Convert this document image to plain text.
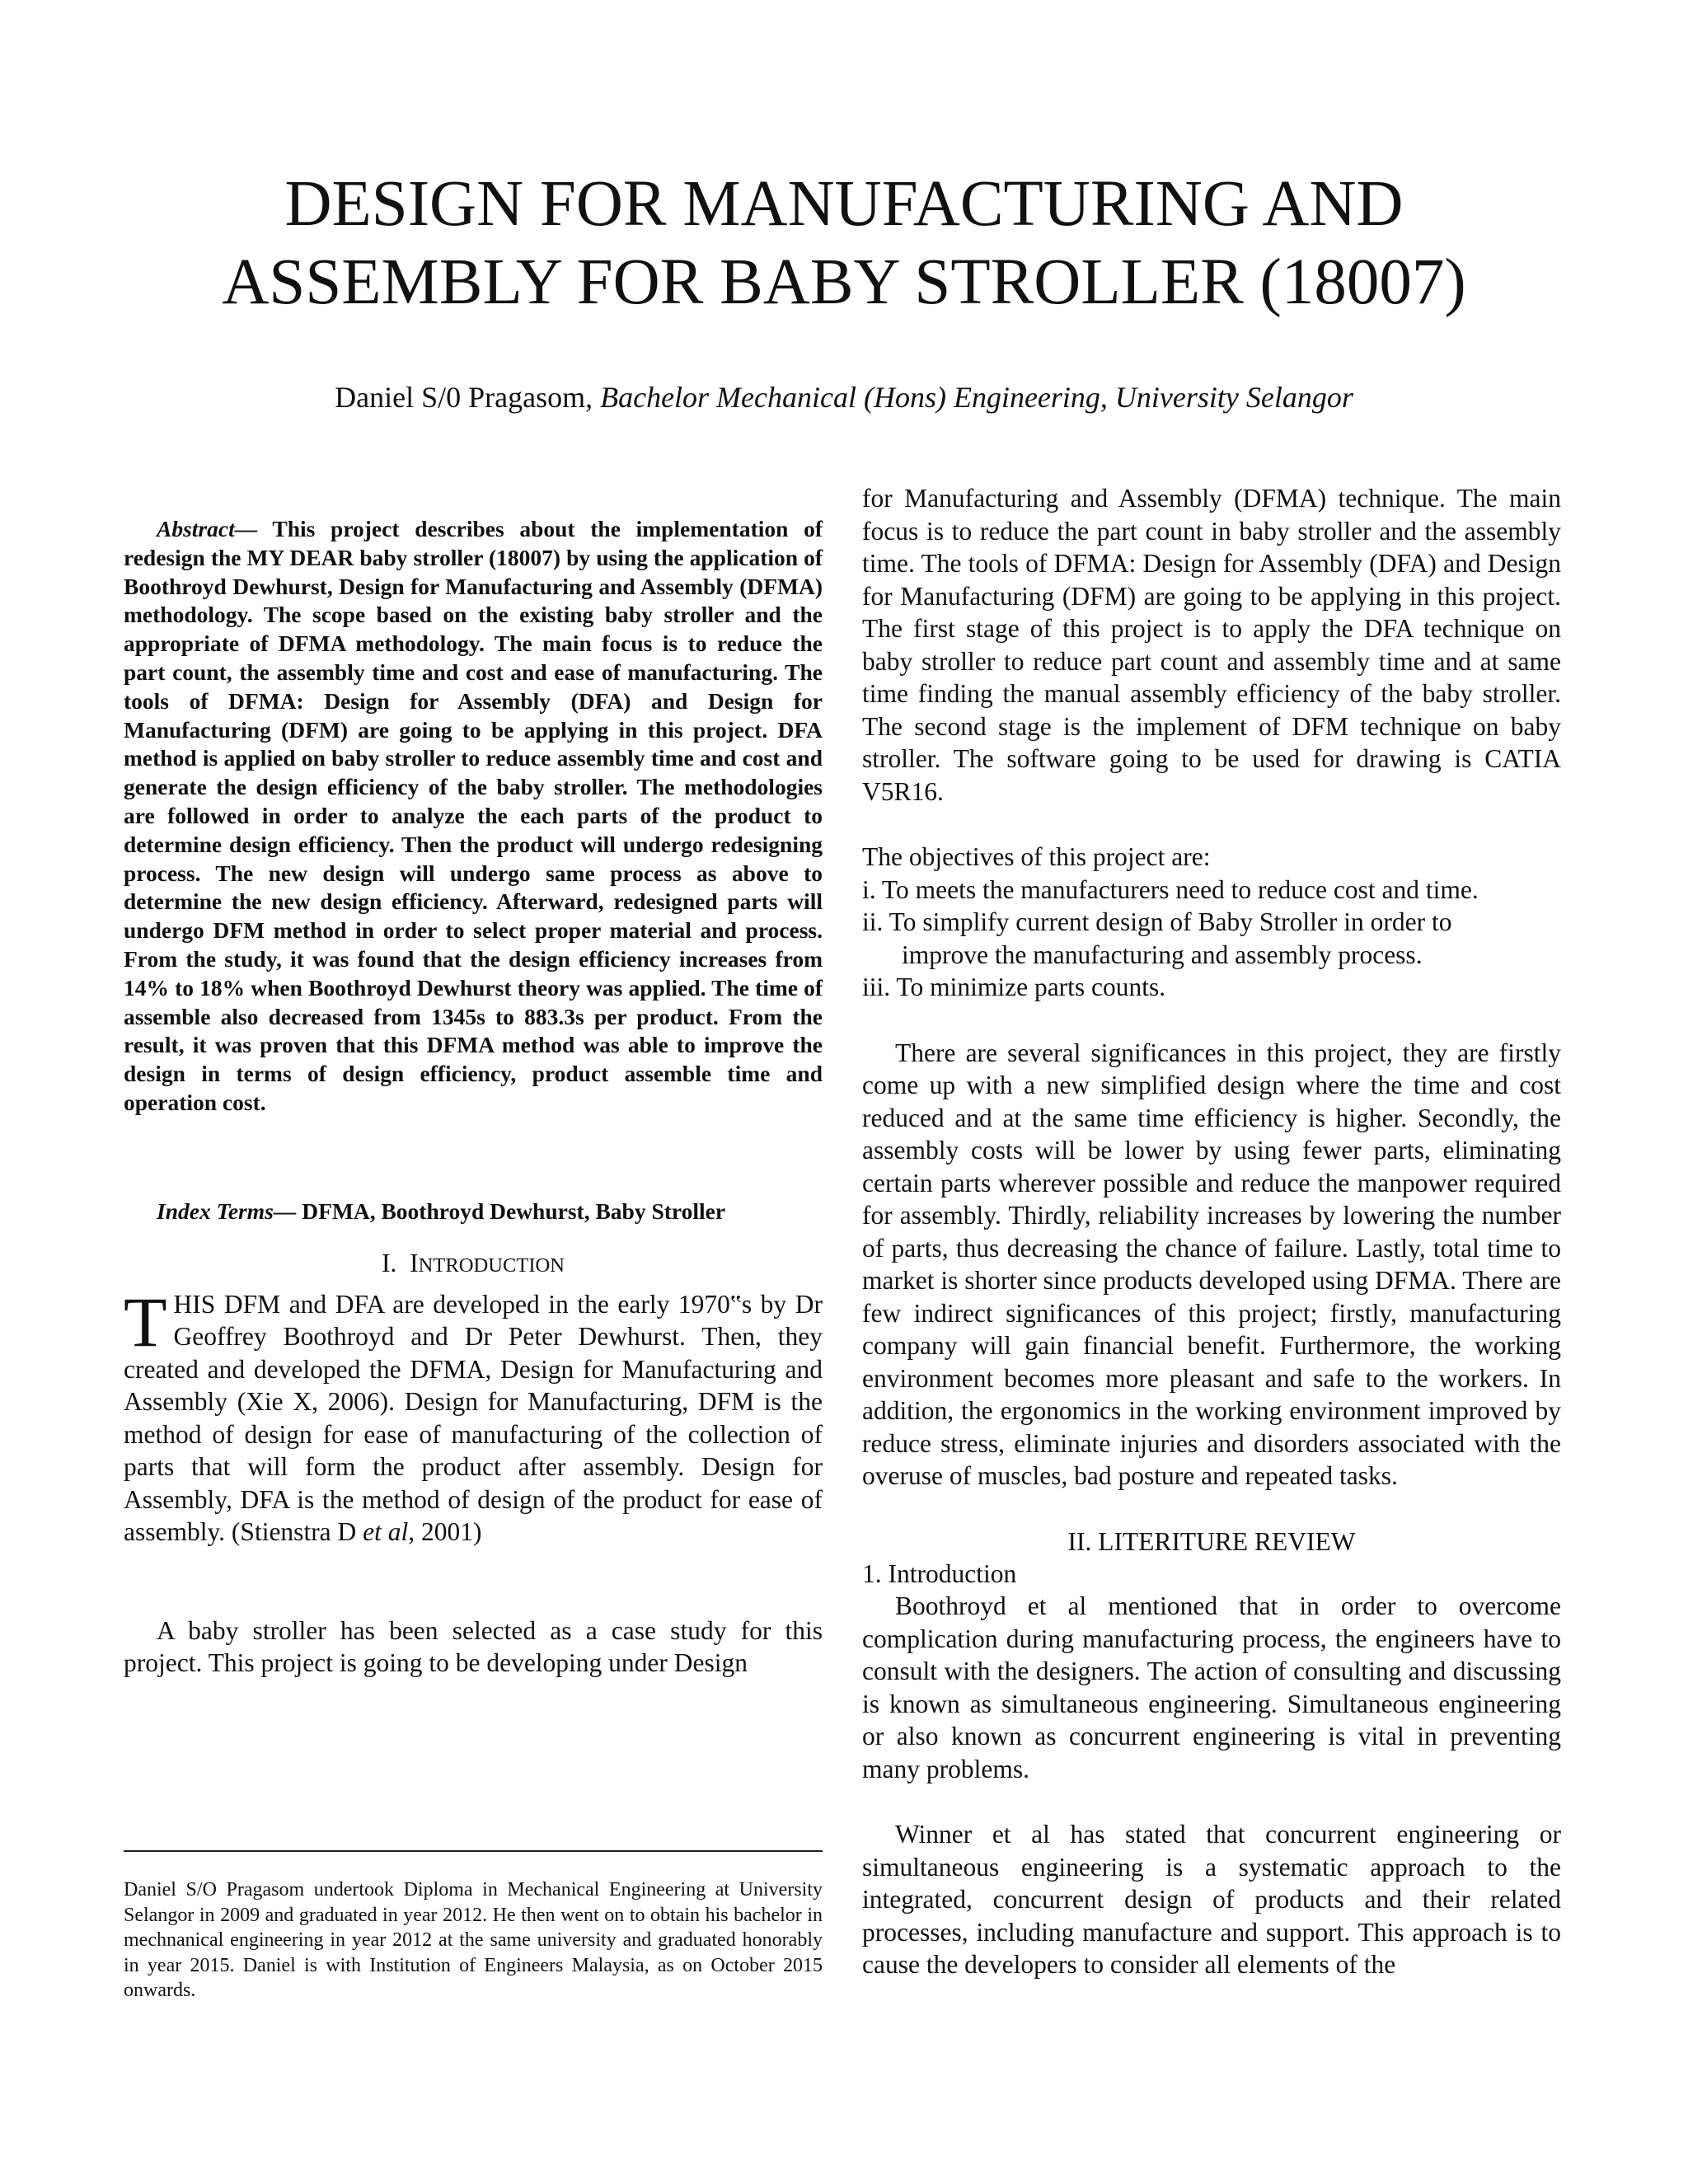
DESIGN FOR MANUFACTURING AND
ASSEMBLY FOR BABY STROLLER (18007)
Daniel S/0 Pragasom, Bachelor Mechanical (Hons) Engineering, University Selangor

Abstract— This project describes about the implementation of redesign the MY DEAR baby stroller (18007) by using the application of Boothroyd Dewhurst, Design for Manufacturing and Assembly (DFMA) methodology. The scope based on the existing baby stroller and the appropriate of DFMA methodology. The main focus is to reduce the part count, the assembly time and cost and ease of manufacturing. The tools of DFMA: Design for Assembly (DFA) and Design for Manufacturing (DFM) are going to be applying in this project. DFA method is applied on baby stroller to reduce assembly time and cost and generate the design efficiency of the baby stroller. The methodologies are followed in order to analyze the each parts of the product to determine design efficiency. Then the product will undergo redesigning process. The new design will undergo same process as above to determine the new design efficiency. Afterward, redesigned parts will undergo DFM method in order to select proper material and process. From the study, it was found that the design efficiency increases from 14% to 18% when Boothroyd Dewhurst theory was applied. The time of assemble also decreased from 1345s to 883.3s per product. From the result, it was proven that this DFMA method was able to improve the design in terms of design efficiency, product assemble time and operation cost.

Index Terms— DFMA, Boothroyd Dewhurst, Baby Stroller

I. INTRODUCTION

THIS DFM and DFA are developed in the early 1970‟s by Dr Geoffrey Boothroyd and Dr Peter Dewhurst. Then, they created and developed the DFMA, Design for Manufacturing and Assembly (Xie X, 2006). Design for Manufacturing, DFM is the method of design for ease of manufacturing of the collection of parts that will form the product after assembly. Design for Assembly, DFA is the method of design of the product for ease of assembly. (Stienstra D et al, 2001)

A baby stroller has been selected as a case study for this project. This project is going to be developing under Design

for Manufacturing and Assembly (DFMA) technique. The main focus is to reduce the part count in baby stroller and the assembly time. The tools of DFMA: Design for Assembly (DFA) and Design for Manufacturing (DFM) are going to be applying in this project. The first stage of this project is to apply the DFA technique on baby stroller to reduce part count and assembly time and at same time finding the manual assembly efficiency of the baby stroller. The second stage is the implement of DFM technique on baby stroller. The software going to be used for drawing is CATIA V5R16.

The objectives of this project are:

i. To meets the manufacturers need to reduce cost and time.

ii. To simplify current design of Baby Stroller in order to

improve the manufacturing and assembly process.

iii. To minimize parts counts.

There are several significances in this project, they are firstly come up with a new simplified design where the time and cost reduced and at the same time efficiency is higher. Secondly, the assembly costs will be lower by using fewer parts, eliminating certain parts wherever possible and reduce the manpower required for assembly. Thirdly, reliability increases by lowering the number of parts, thus decreasing the chance of failure. Lastly, total time to market is shorter since products developed using DFMA. There are few indirect significances of this project; firstly, manufacturing company will gain financial benefit. Furthermore, the working environment becomes more pleasant and safe to the workers. In addition, the ergonomics in the working environment improved by reduce stress, eliminate injuries and disorders associated with the overuse of muscles, bad posture and repeated tasks.

II. LITERITURE REVIEW

1. Introduction

Boothroyd et al mentioned that in order to overcome complication during manufacturing process, the engineers have to consult with the designers. The action of consulting and discussing is known as simultaneous engineering. Simultaneous engineering or also known as concurrent engineering is vital in preventing many problems.

Winner et al has stated that concurrent engineering or simultaneous engineering is a systematic approach to the integrated, concurrent design of products and their related processes, including manufacture and support. This approach is to cause the developers to consider all elements of the

Daniel S/O Pragasom undertook Diploma in Mechanical Engineering at University Selangor in 2009 and graduated in year 2012. He then went on to obtain his bachelor in mechnanical engineering in year 2012 at the same university and graduated honorably in year 2015. Daniel is with Institution of Engineers Malaysia, as on October 2015 onwards.
